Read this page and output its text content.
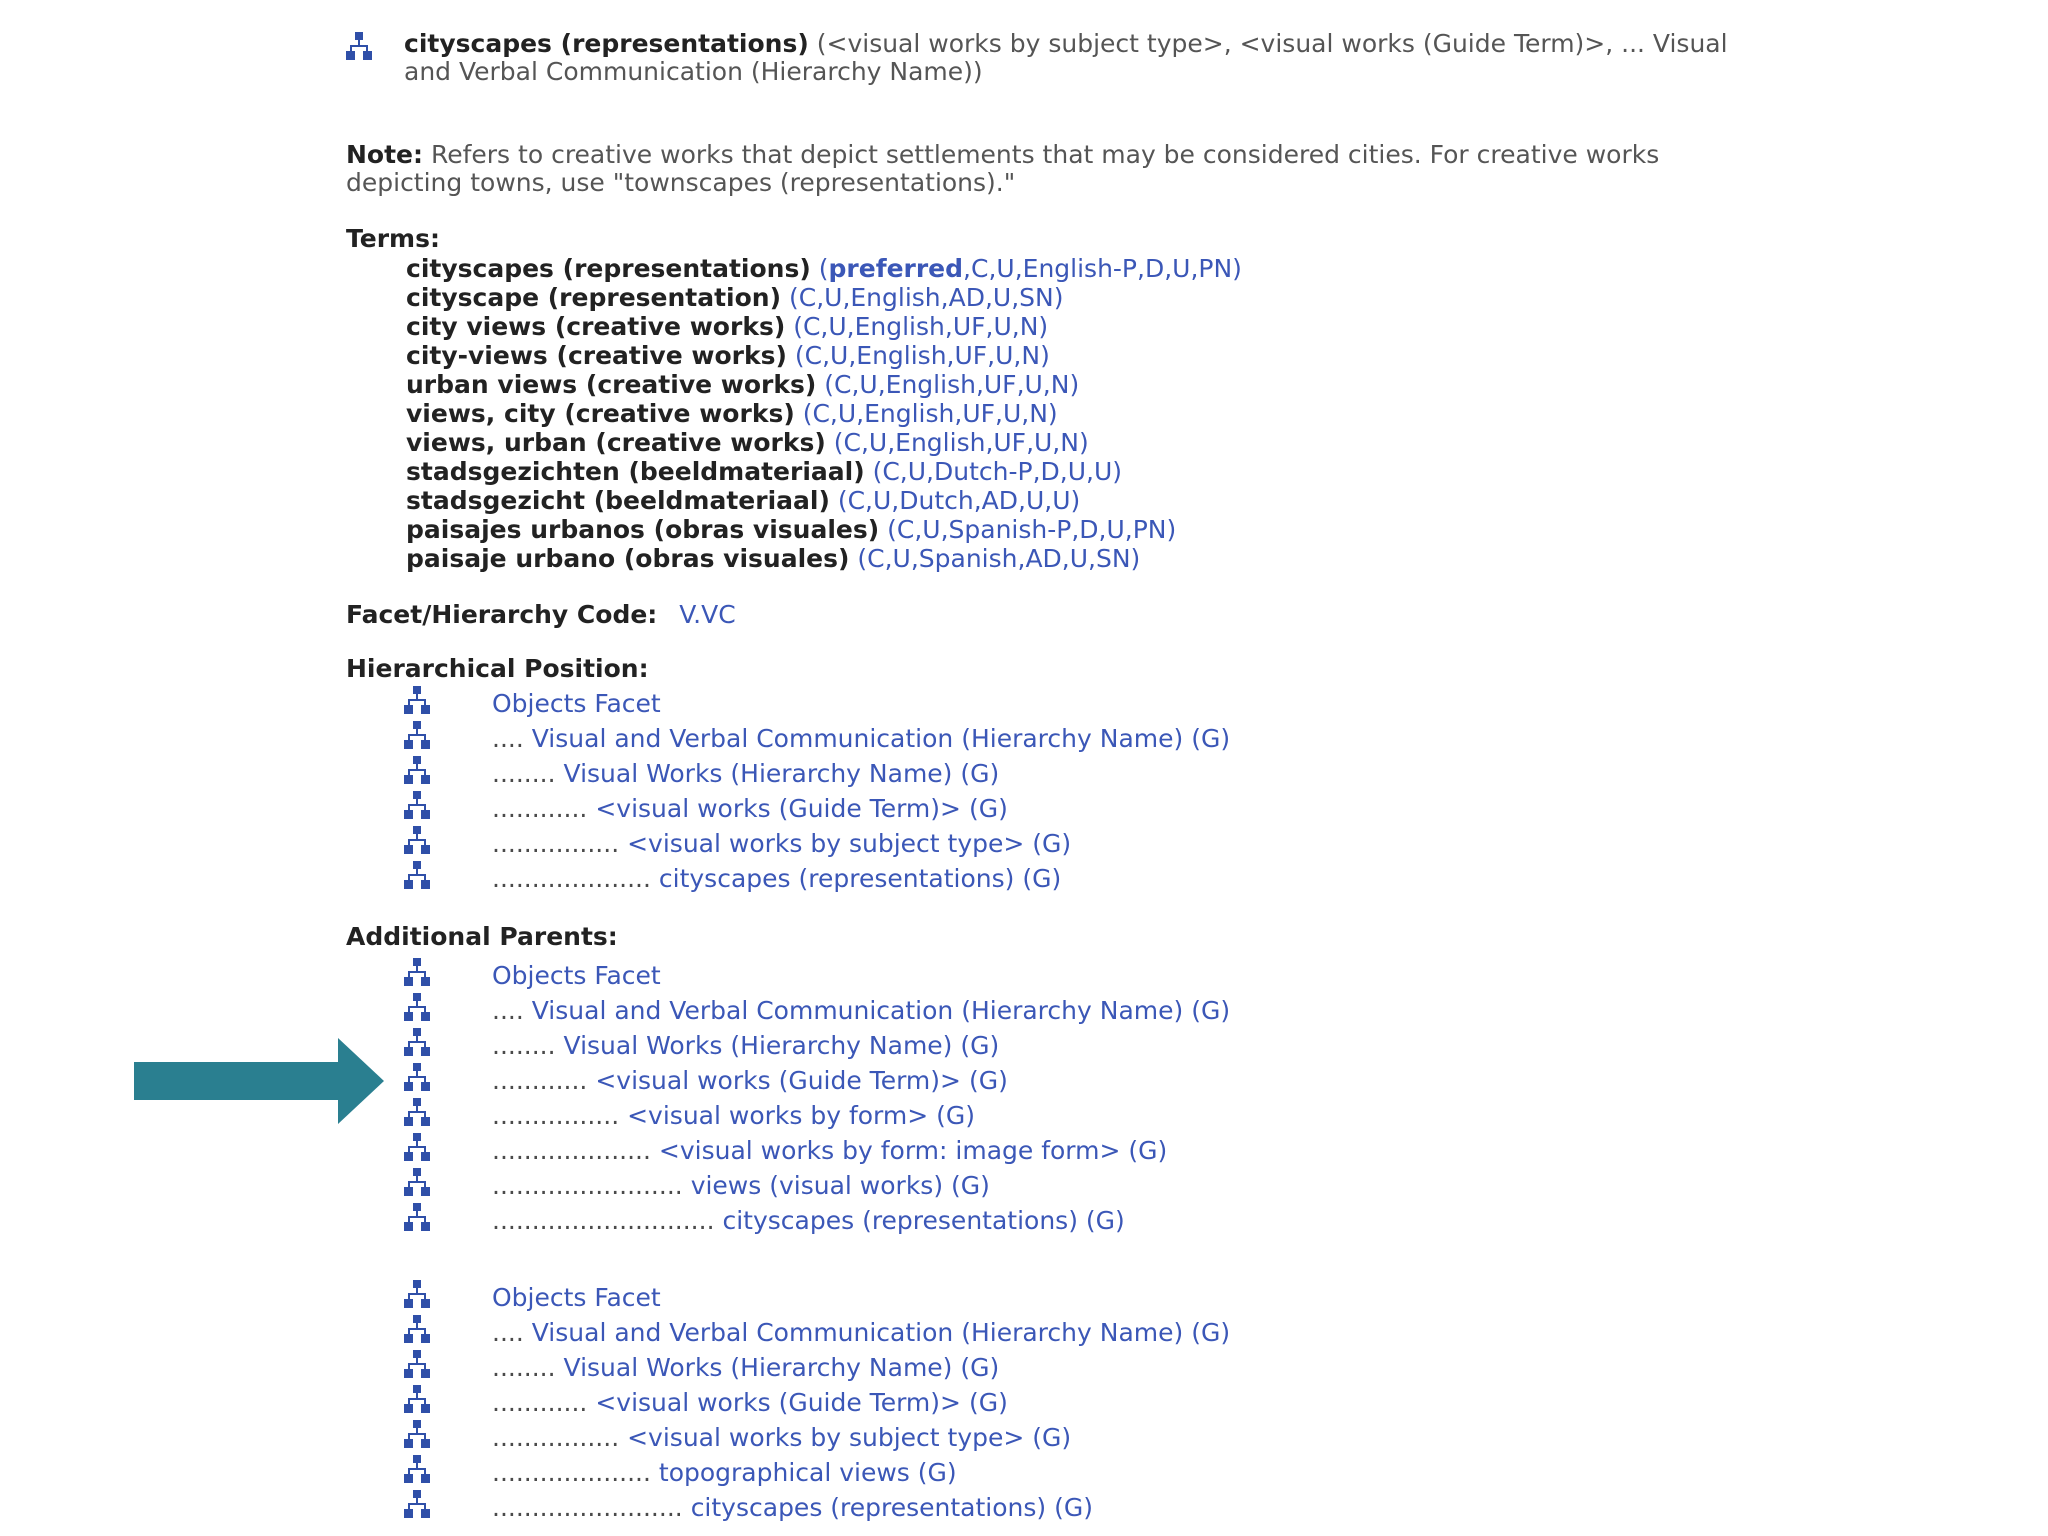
cityscapes (representations) (<visual works by subject type>, <visual works (Guide Term)>, ... Visual and Verbal Communication (Hierarchy Name))
Note: Refers to creative works that depict settlements that may be considered cities. For creative works depicting towns, use "townscapes (representations)."
Terms:
cityscapes (representations) (preferred,C,U,English-P,D,U,PN)
cityscape (representation) (C,U,English,AD,U,SN)
city views (creative works) (C,U,English,UF,U,N)
city-views (creative works) (C,U,English,UF,U,N)
urban views (creative works) (C,U,English,UF,U,N)
views, city (creative works) (C,U,English,UF,U,N)
views, urban (creative works) (C,U,English,UF,U,N)
stadsgezichten (beeldmateriaal) (C,U,Dutch-P,D,U,U)
stadsgezicht (beeldmateriaal) (C,U,Dutch,AD,U,U)
paisajes urbanos (obras visuales) (C,U,Spanish-P,D,U,PN)
paisaje urbano (obras visuales) (C,U,Spanish,AD,U,SN)
Facet/Hierarchy Code: V.VC
Hierarchical Position:
Objects Facet
.... Visual and Verbal Communication (Hierarchy Name) (G)
........ Visual Works (Hierarchy Name) (G)
............ <visual works (Guide Term)> (G)
................ <visual works by subject type> (G)
.................... cityscapes (representations) (G)
Additional Parents:
Objects Facet
.... Visual and Verbal Communication (Hierarchy Name) (G)
........ Visual Works (Hierarchy Name) (G)
............ <visual works (Guide Term)> (G)
................ <visual works by form> (G)
.................... <visual works by form: image form> (G)
........................ views (visual works) (G)
............................ cityscapes (representations) (G)
Objects Facet
.... Visual and Verbal Communication (Hierarchy Name) (G)
........ Visual Works (Hierarchy Name) (G)
............ <visual works (Guide Term)> (G)
................ <visual works by subject type> (G)
.................... topographical views (G)
........................ cityscapes (representations) (G)
